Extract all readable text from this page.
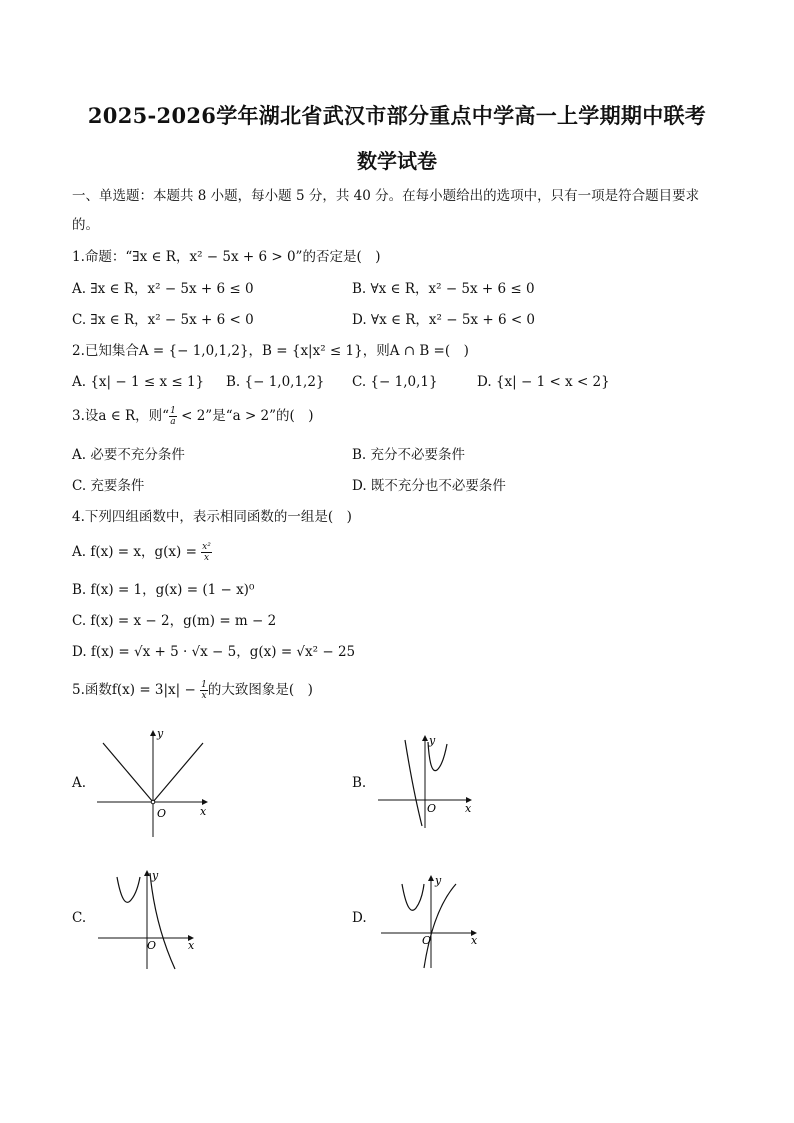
2025-2026学年湖北省武汉市部分重点中学高一上学期期中联考
数学试卷
一、单选题：本题共 8 小题，每小题 5 分，共 40 分。在每小题给出的选项中，只有一项是符合题目要求
的。
1.命题：“∃x ∈ R，x² − 5x + 6 > 0”的否定是(　)
A. ∃x ∈ R，x² − 5x + 6 ≤ 0	B. ∀x ∈ R，x² − 5x + 6 ≤ 0
C. ∃x ∈ R，x² − 5x + 6 < 0	D. ∀x ∈ R，x² − 5x + 6 < 0
2.已知集合A = {− 1,0,1,2}，B = {x|x² ≤ 1}，则A ∩ B =(　)
A. {x| − 1 ≤ x ≤ 1} B. {− 1,0,1,2} C. {− 1,0,1}	D. {x| − 1 < x < 2}
3.设a ∈ R，则“ $\frac{1}{a} < 2$”是“a > 2”的(　)
A. 必要不充分条件	B. 充分不必要条件
C. 充要条件	D. 既不充分也不必要条件
4.下列四组函数中，表示相同函数的一组是(　)
A. f(x) = x，$g(x) = \frac{\text{x²}}{x}$
B. f(x) = 1，g(x) = (1 − x)⁰
C. f(x) = x − 2，g(m) = m − 2
D. f(x) = √x + 5 · √x − 5，g(x) = √x² − 25
5.函数$f(x) = 3|x| - \frac{1}{x}$ 的大致图象是(　)
A.	B.
C.	D.
x
y
O	x
y
O
x
y
O	x
y
O
